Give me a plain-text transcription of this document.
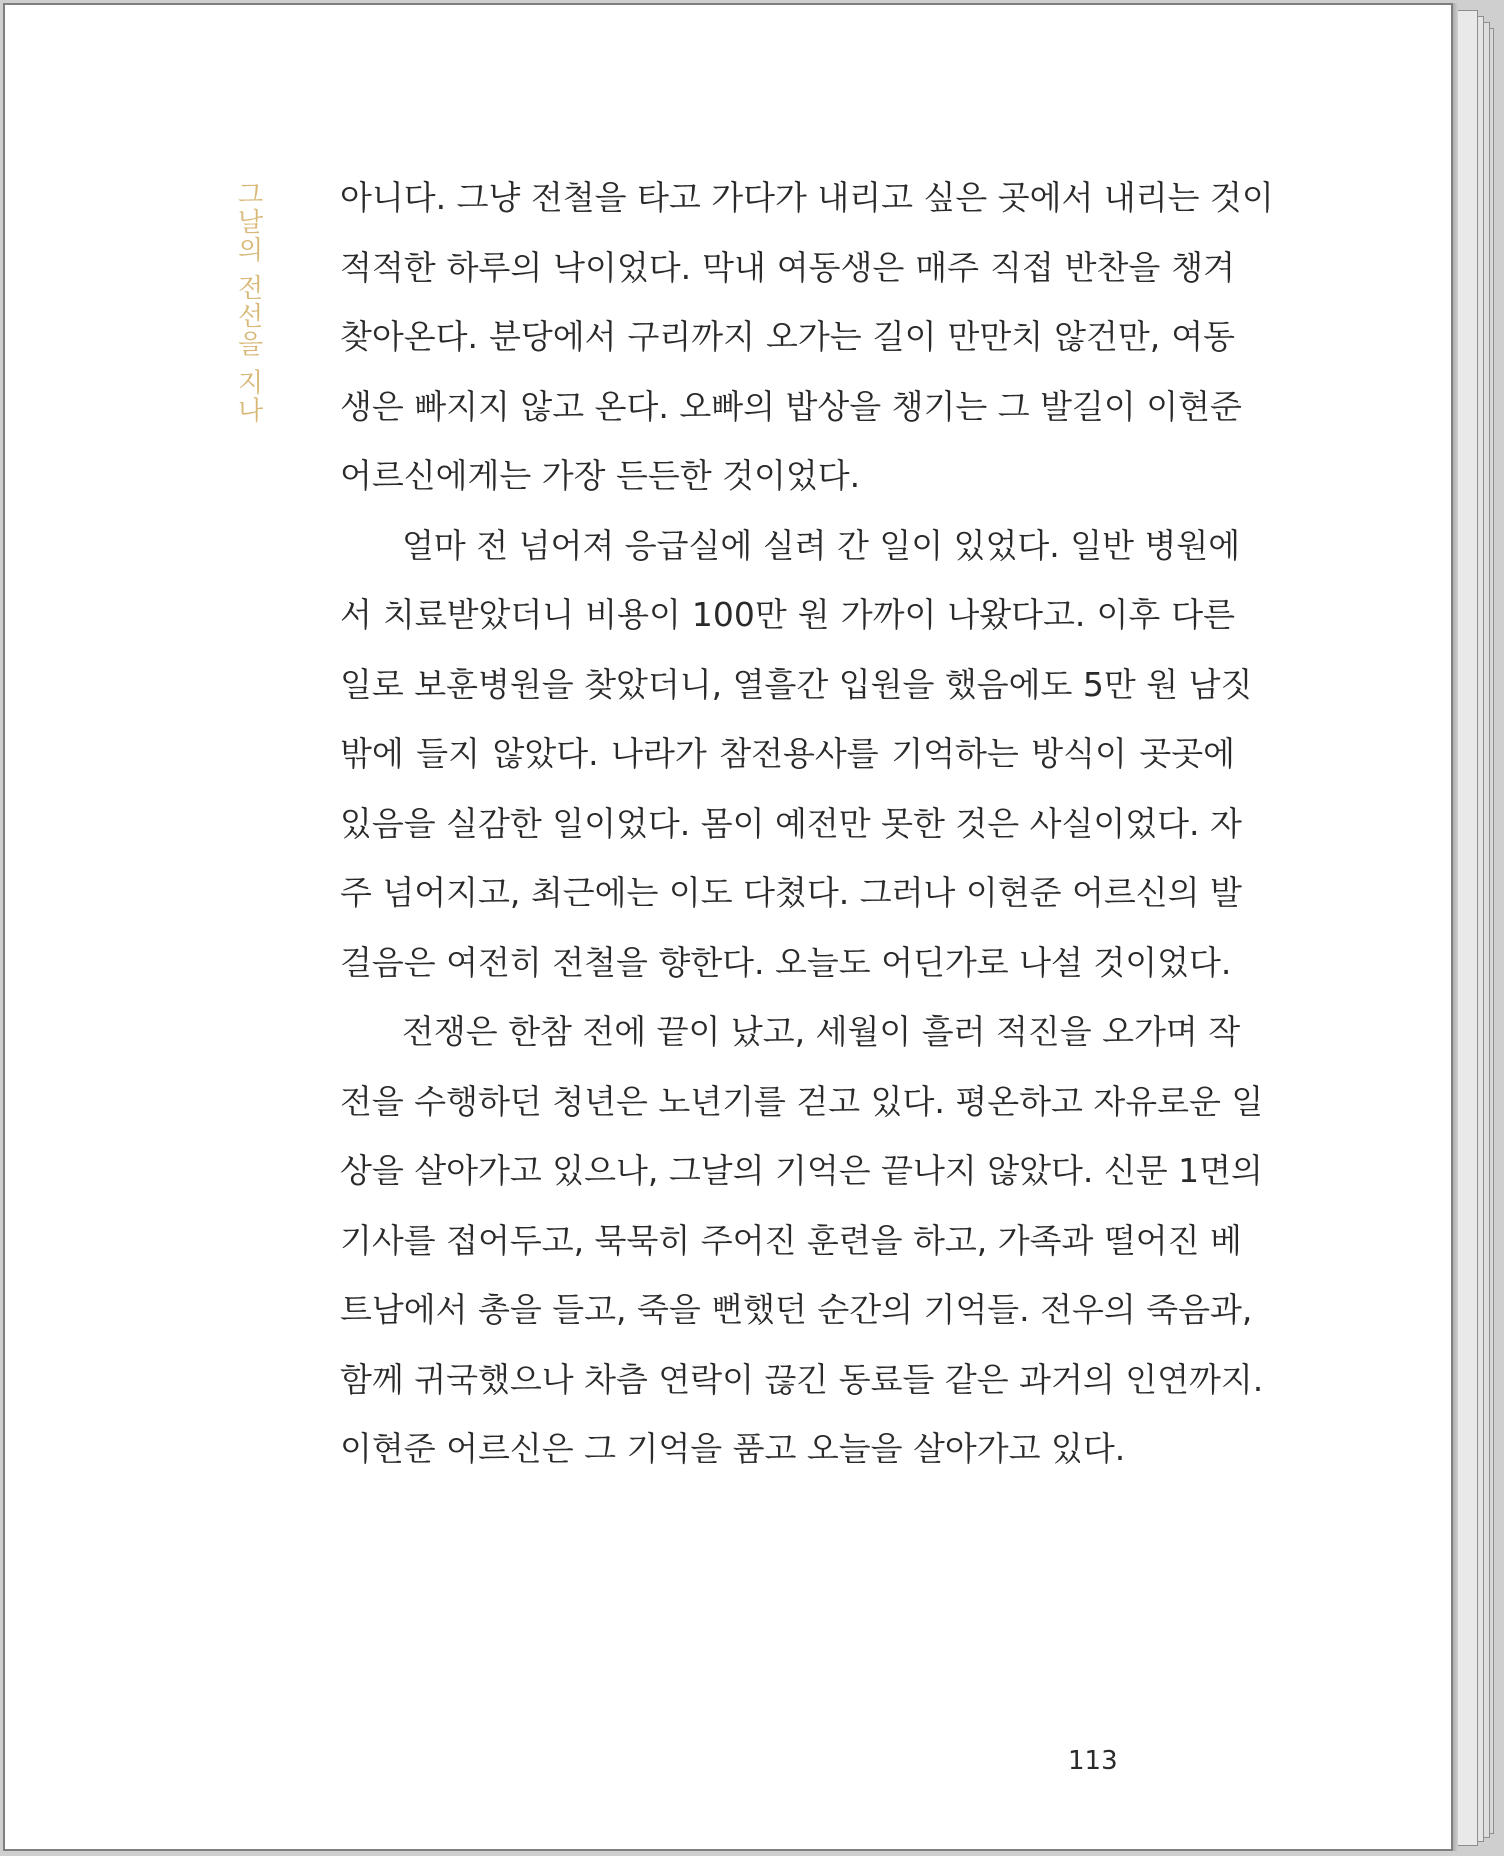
그날의 전선을 지나 아니다. 그냥 전철을 타고 가다가 내리고 싶은 곳에서 내리는 것이
적적한 하루의 낙이었다. 막내 여동생은 매주 직접 반찬을 챙겨
찾아온다. 분당에서 구리까지 오가는 길이 만만치 않건만, 여동
생은 빠지지 않고 온다. 오빠의 밥상을 챙기는 그 발길이 이현준
어르신에게는 가장 든든한 것이었다.

얼마 전 넘어져 응급실에 실려 간 일이 있었다. 일반 병원에
서 치료받았더니 비용이 100만 원 가까이 나왔다고. 이후 다른
일로 보훈병원을 찾았더니, 열흘간 입원을 했음에도 5만 원 남짓
밖에 들지 않았다. 나라가 참전용사를 기억하는 방식이 곳곳에
있음을 실감한 일이었다. 몸이 예전만 못한 것은 사실이었다. 자
주 넘어지고, 최근에는 이도 다쳤다. 그러나 이현준 어르신의 발
걸음은 여전히 전철을 향한다. 오늘도 어딘가로 나설 것이었다.

전쟁은 한참 전에 끝이 났고, 세월이 흘러 적진을 오가며 작
전을 수행하던 청년은 노년기를 걷고 있다. 평온하고 자유로운 일
상을 살아가고 있으나, 그날의 기억은 끝나지 않았다. 신문 1면의
기사를 접어두고, 묵묵히 주어진 훈련을 하고, 가족과 떨어진 베
트남에서 총을 들고, 죽을 뻔했던 순간의 기억들. 전우의 죽음과,
함께 귀국했으나 차츰 연락이 끊긴 동료들 같은 과거의 인연까지.
이현준 어르신은 그 기억을 품고 오늘을 살아가고 있다.

113
